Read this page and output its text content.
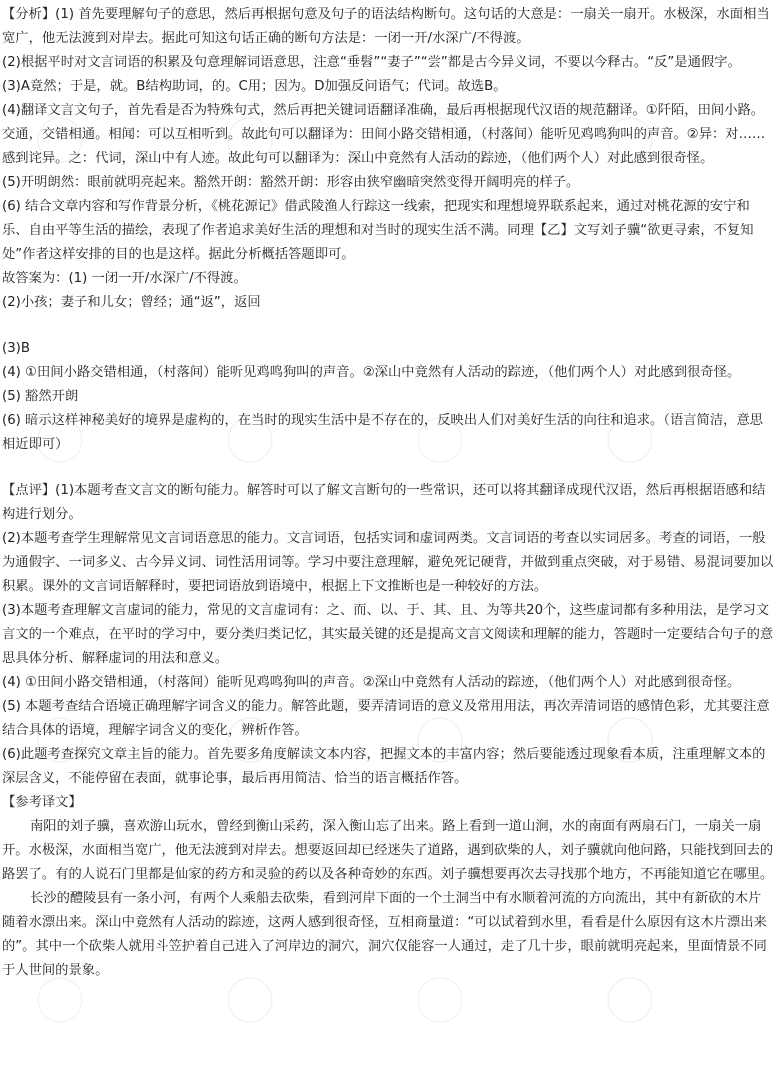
【分析】(1) 首先要理解句子的意思，然后再根据句意及句子的语法结构断句。这句话的大意是：一扇关一扇开。水极深，水面相当宽广，他无法渡到对岸去。据此可知这句话正确的断句方法是：一闭一开/水深广/不得渡。

(2)根据平时对文言词语的积累及句意理解词语意思，注意“垂髫”“妻子”“尝”都是古今异义词，不要以今释古。“反”是通假字。

(3)A竟然；于是，就。B结构助词，的。C用；因为。D加强反问语气；代词。故选B。

(4)翻译文言文句子，首先看是否为特殊句式，然后再把关键词语翻译准确，最后再根据现代汉语的规范翻译。①阡陌，田间小路。交通，交错相通。相闻：可以互相听到。故此句可以翻译为：田间小路交错相通，（村落间）能听见鸡鸣狗叫的声音。②异：对……感到诧异。之：代词，深山中有人迹。故此句可以翻译为：深山中竟然有人活动的踪迹，（他们两个人）对此感到很奇怪。

(5)开明朗然：眼前就明亮起来。豁然开朗：豁然开朗：形容由狭窄幽暗突然变得开阔明亮的样子。

(6) 结合文章内容和写作背景分析，《桃花源记》借武陵渔人行踪这一线索，把现实和理想境界联系起来，通过对桃花源的安宁和乐、自由平等生活的描绘，表现了作者追求美好生活的理想和对当时的现实生活不满。同理【乙】文写刘子骥“欲更寻索，不复知处”作者这样安排的目的也是这样。据此分析概括答题即可。

故答案为：(1) 一闭一开/水深广/不得渡。

(2)小孩；妻子和儿女；曾经；通“返”，返回

(3)B

(4) ①田间小路交错相通，（村落间）能听见鸡鸣狗叫的声音。②深山中竟然有人活动的踪迹，（他们两个人）对此感到很奇怪。

(5) 豁然开朗

(6) 暗示这样神秘美好的境界是虚构的，在当时的现实生活中是不存在的，反映出人们对美好生活的向往和追求。（语言简洁，意思相近即可）

【点评】(1)本题考查文言文的断句能力。解答时可以了解文言断句的一些常识，还可以将其翻译成现代汉语，然后再根据语感和结构进行划分。

(2)本题考查学生理解常见文言词语意思的能力。文言词语，包括实词和虚词两类。文言词语的考查以实词居多。考查的词语，一般为通假字、一词多义、古今异义词、词性活用词等。学习中要注意理解，避免死记硬背，并做到重点突破，对于易错、易混词要加以积累。课外的文言词语解释时，要把词语放到语境中，根据上下文推断也是一种较好的方法。

(3)本题考查理解文言虚词的能力，常见的文言虚词有：之、而、以、于、其、且、为等共20个，这些虚词都有多种用法，是学习文言文的一个难点，在平时的学习中，要分类归类记忆，其实最关键的还是提高文言文阅读和理解的能力，答题时一定要结合句子的意思具体分析、解释虚词的用法和意义。

(4) ①田间小路交错相通，（村落间）能听见鸡鸣狗叫的声音。②深山中竟然有人活动的踪迹，（他们两个人）对此感到很奇怪。

(5) 本题考查结合语境正确理解字词含义的能力。解答此题，要弄清词语的意义及常用用法，再次弄清词语的感情色彩，尤其要注意结合具体的语境，理解字词含义的变化，辨析作答。

(6)此题考查探究文章主旨的能力。首先要多角度解读文本内容，把握文本的丰富内容；然后要能透过现象看本质，注重理解文本的深层含义，不能停留在表面，就事论事，最后再用简洁、恰当的语言概括作答。

【参考译文】

南阳的刘子骥，喜欢游山玩水，曾经到衡山采药，深入衡山忘了出来。路上看到一道山涧，水的南面有两扇石门，一扇关一扇开。水极深，水面相当宽广，他无法渡到对岸去。想要返回却已经迷失了道路，遇到砍柴的人，刘子骥就向他问路，只能找到回去的路罢了。有的人说石门里都是仙家的药方和灵验的药以及各种奇妙的东西。刘子骥想要再次去寻找那个地方，不再能知道它在哪里。

长沙的醴陵县有一条小河，有两个人乘船去砍柴，看到河岸下面的一个土洞当中有水顺着河流的方向流出，其中有新砍的木片随着水漂出来。深山中竟然有人活动的踪迹，这两人感到很奇怪，互相商量道：“可以试着到水里，看看是什么原因有这木片漂出来的”。其中一个砍柴人就用斗笠护着自己进入了河岸边的洞穴，洞穴仅能容一人通过，走了几十步，眼前就明亮起来，里面情景不同于人世间的景象。
